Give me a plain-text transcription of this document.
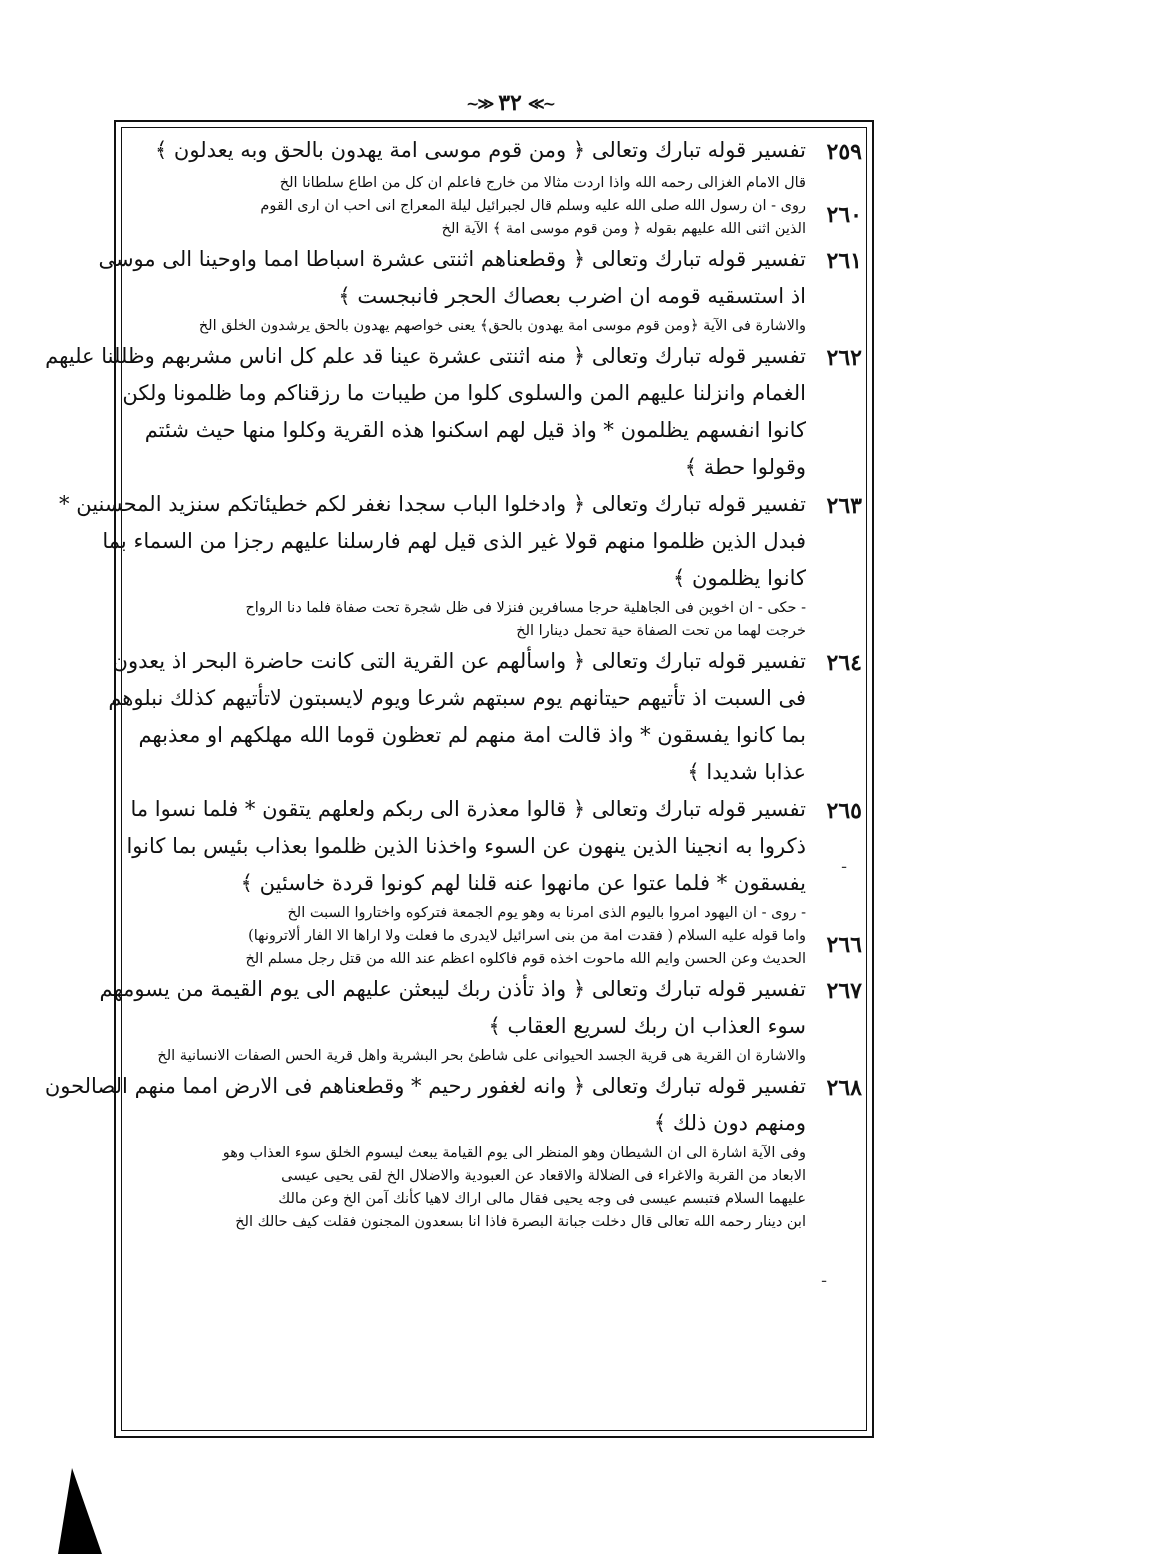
~≫
٣٢
≪~
٢٥٩
تفسير قوله تبارك وتعالى ﴿ ومن قوم موسى امة يهدون بالحق وبه يعدلون ﴾
قال الامام الغزالى رحمه الله واذا اردت مثالا من خارج فاعلم ان كل من اطاع سلطانا الخ
٢٦٠
روى - ان رسول الله صلى الله عليه وسلم قال لجبرائيل ليلة المعراج انى احب ان ارى القوم
الذين اثنى الله عليهم بقوله ﴿ ومن قوم موسى امة ﴾ الآية الخ
٢٦١
تفسير قوله تبارك وتعالى ﴿ وقطعناهم اثنتى عشرة اسباطا امما واوحينا الى موسى
اذ استسقيه قومه ان اضرب بعصاك الحجر فانبجست ﴾
والاشارة فى الآية ﴿ومن قوم موسى امة يهدون بالحق﴾ يعنى خواصهم يهدون بالحق يرشدون الخلق الخ
٢٦٢
تفسير قوله تبارك وتعالى ﴿ منه اثنتى عشرة عينا قد علم كل اناس مشربهم وظللنا عليهم
الغمام وانزلنا عليهم المن والسلوى كلوا من طيبات ما رزقناكم وما ظلمونا ولكن
كانوا انفسهم يظلمون * واذ قيل لهم اسكنوا هذه القرية وكلوا منها حيث شئتم
وقولوا حطة ﴾
٢٦٣
تفسير قوله تبارك وتعالى ﴿ وادخلوا الباب سجدا نغفر لكم خطيئاتكم سنزيد المحسنين *
فبدل الذين ظلموا منهم قولا غير الذى قيل لهم فارسلنا عليهم رجزا من السماء بما
كانوا يظلمون ﴾
- حكى - ان اخوين فى الجاهلية حرجا مسافرين فنزلا فى ظل شجرة تحت صفاة فلما دنا الرواح
خرجت لهما من تحت الصفاة حية تحمل دينارا الخ
٢٦٤
تفسير قوله تبارك وتعالى ﴿ واسألهم عن القرية التى كانت حاضرة البحر اذ يعدون
فى السبت اذ تأتيهم حيتانهم يوم سبتهم شرعا ويوم لايسبتون لاتأتيهم كذلك نبلوهم
بما كانوا يفسقون * واذ قالت امة منهم لم تعظون قوما الله مهلكهم او معذبهم
عذابا شديدا ﴾
٢٦٥
تفسير قوله تبارك وتعالى ﴿ قالوا معذرة الى ربكم ولعلهم يتقون * فلما نسوا ما
ذكروا به انجينا الذين ينهون عن السوء واخذنا الذين ظلموا بعذاب بئيس بما كانوا
يفسقون * فلما عتوا عن مانهوا عنه قلنا لهم كونوا قردة خاسئين ﴾
- روى - ان اليهود امروا باليوم الذى امرنا به وهو يوم الجمعة فتركوه واختاروا السبت الخ
٢٦٦
واما قوله عليه السلام ( فقدت امة من بنى اسرائيل لايدرى ما فعلت ولا اراها الا الفار ألاترونها)
الحديث وعن الحسن وايم الله ماحوت اخذه قوم فاكلوه اعظم عند الله من قتل رجل مسلم الخ
٢٦٧
تفسير قوله تبارك وتعالى ﴿ واذ تأذن ربك ليبعثن عليهم الى يوم القيمة من يسومهم
سوء العذاب ان ربك لسريع العقاب ﴾
والاشارة ان القرية هى قرية الجسد الحيوانى على شاطئ بحر البشرية واهل قرية الحس الصفات الانسانية الخ
٢٦٨
تفسير قوله تبارك وتعالى ﴿ وانه لغفور رحيم * وقطعناهم فى الارض امما منهم الصالحون
ومنهم دون ذلك ﴾
وفى الآية اشارة الى ان الشيطان وهو المنظر الى يوم القيامة يبعث ليسوم الخلق سوء العذاب وهو
الابعاد من القربة والاغراء فى الضلالة والاقعاد عن العبودية والاضلال الخ لقى يحيى عيسى
عليهما السلام فتبسم عيسى فى وجه يحيى فقال مالى اراك لاهيا كأنك آمن الخ وعن مالك
ابن دينار رحمه الله تعالى قال دخلت جبانة البصرة فاذا انا بسعدون المجنون فقلت كيف حالك الخ
ـ
ـ
